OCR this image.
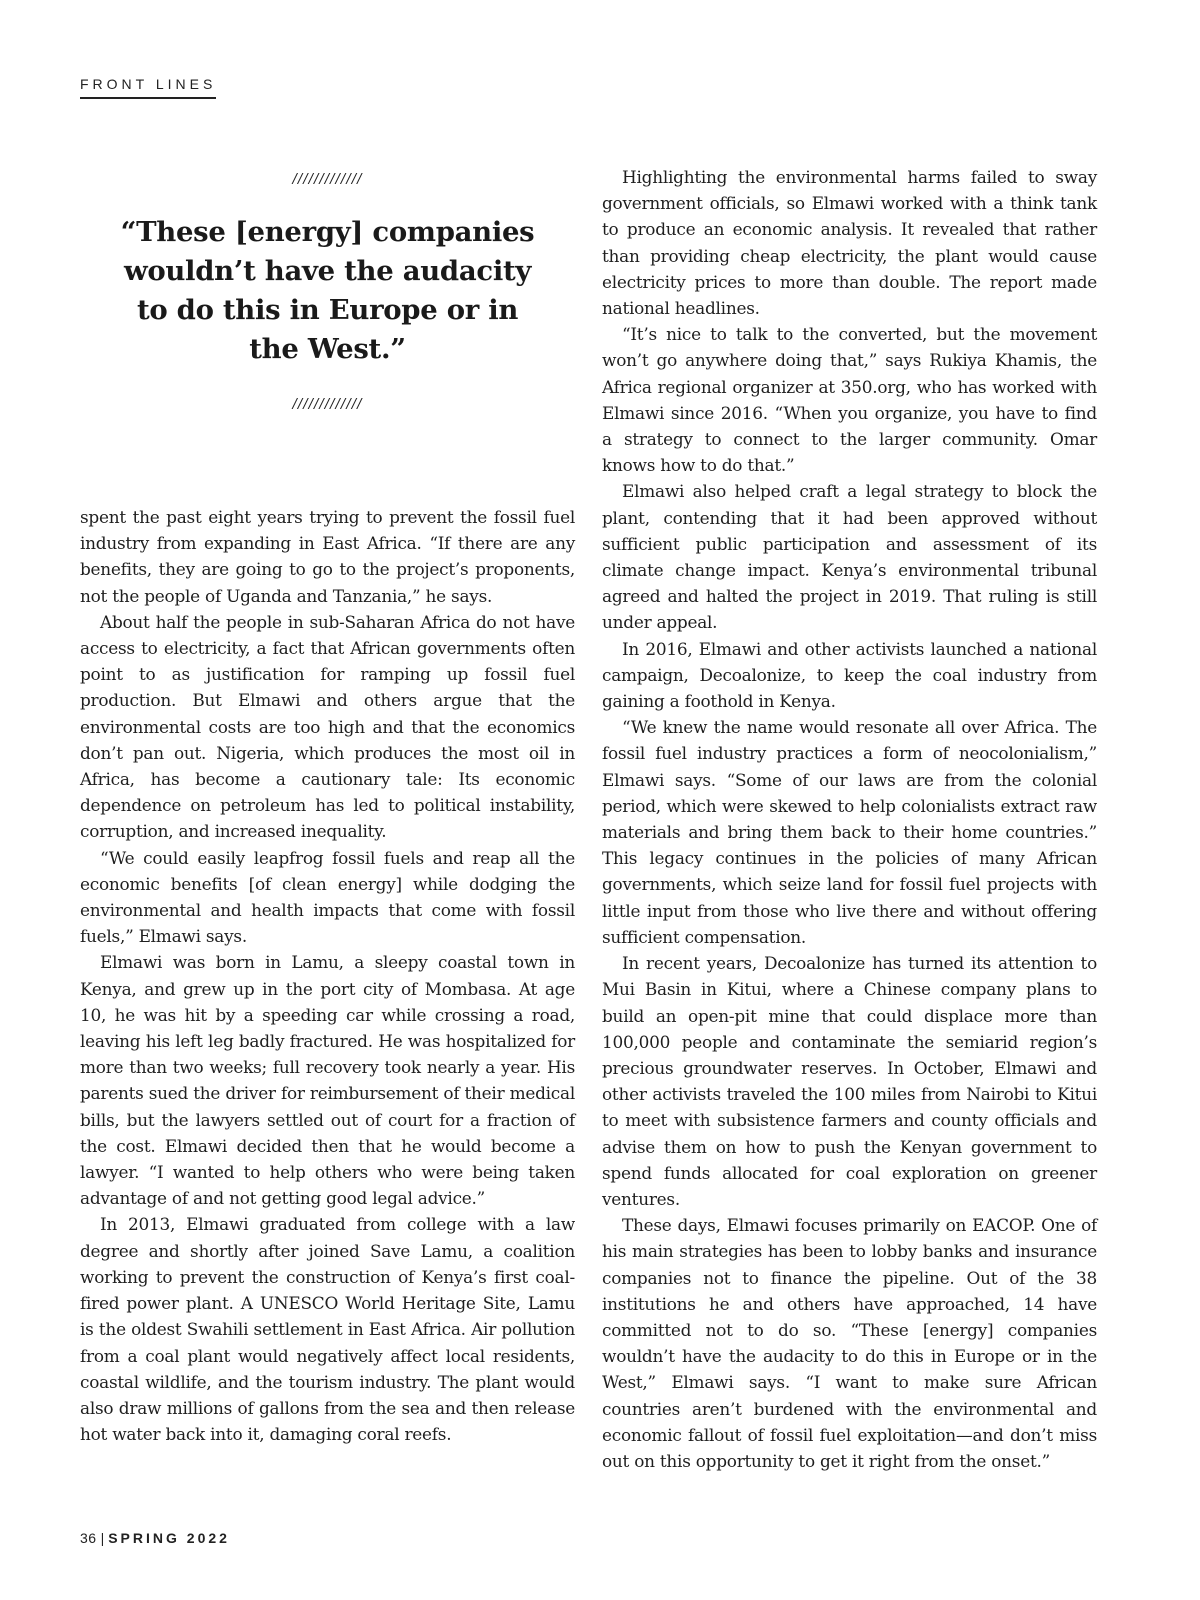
FRONT LINES
/////////////
“These [energy] companies wouldn’t have the audacity to do this in Europe or in the West.”
/////////////

spent the past eight years trying to prevent the fossil fuel industry from expanding in East Africa. “If there are any benefits, they are going to go to the project’s proponents, not the people of Uganda and Tanzania,” he says.

About half the people in sub-Saharan Africa do not have access to electricity, a fact that African governments often point to as justification for ramping up fossil fuel production. But Elmawi and others argue that the environmental costs are too high and that the economics don’t pan out. Nigeria, which produces the most oil in Africa, has become a cautionary tale: Its economic dependence on petroleum has led to political instability, corruption, and increased inequality.

“We could easily leapfrog fossil fuels and reap all the economic benefits [of clean energy] while dodging the environmental and health impacts that come with fossil fuels,” Elmawi says.

Elmawi was born in Lamu, a sleepy coastal town in Kenya, and grew up in the port city of Mombasa. At age 10, he was hit by a speeding car while crossing a road, leaving his left leg badly fractured. He was hospitalized for more than two weeks; full recovery took nearly a year. His parents sued the driver for reimbursement of their medical bills, but the lawyers settled out of court for a fraction of the cost. Elmawi decided then that he would become a lawyer. “I wanted to help others who were being taken advantage of and not getting good legal advice.”

In 2013, Elmawi graduated from college with a law degree and shortly after joined Save Lamu, a coalition working to prevent the construction of Kenya’s first coal-fired power plant. A UNESCO World Heritage Site, Lamu is the oldest Swahili settlement in East Africa. Air pollution from a coal plant would negatively affect local residents, coastal wildlife, and the tourism industry. The plant would also draw millions of gallons from the sea and then release hot water back into it, damaging coral reefs.

Highlighting the environmental harms failed to sway government officials, so Elmawi worked with a think tank to produce an economic analysis. It revealed that rather than providing cheap electricity, the plant would cause electricity prices to more than double. The report made national headlines.

“It’s nice to talk to the converted, but the movement won’t go anywhere doing that,” says Rukiya Khamis, the Africa regional organizer at 350.org, who has worked with Elmawi since 2016. “When you organize, you have to find a strategy to connect to the larger community. Omar knows how to do that.”

Elmawi also helped craft a legal strategy to block the plant, contending that it had been approved without sufficient public participation and assessment of its climate change impact. Kenya’s environmental tribunal agreed and halted the project in 2019. That ruling is still under appeal.

In 2016, Elmawi and other activists launched a national campaign, Decoalonize, to keep the coal industry from gaining a foothold in Kenya.

“We knew the name would resonate all over Africa. The fossil fuel industry practices a form of neocolonialism,” Elmawi says. “Some of our laws are from the colonial period, which were skewed to help colonialists extract raw materials and bring them back to their home countries.” This legacy continues in the policies of many African governments, which seize land for fossil fuel projects with little input from those who live there and without offering sufficient compensation.

In recent years, Decoalonize has turned its attention to Mui Basin in Kitui, where a Chinese company plans to build an open-pit mine that could displace more than 100,000 people and contaminate the semiarid region’s precious groundwater reserves. In October, Elmawi and other activists traveled the 100 miles from Nairobi to Kitui to meet with subsistence farmers and county officials and advise them on how to push the Kenyan government to spend funds allocated for coal exploration on greener ventures.

These days, Elmawi focuses primarily on EACOP. One of his main strategies has been to lobby banks and insurance companies not to finance the pipeline. Out of the 38 institutions he and others have approached, 14 have committed not to do so. “These [energy] companies wouldn’t have the audacity to do this in Europe or in the West,” Elmawi says. “I want to make sure African countries aren’t burdened with the environmental and economic fallout of fossil fuel exploitation—and don’t miss out on this opportunity to get it right from the onset.”

36 | SPRING 2022
